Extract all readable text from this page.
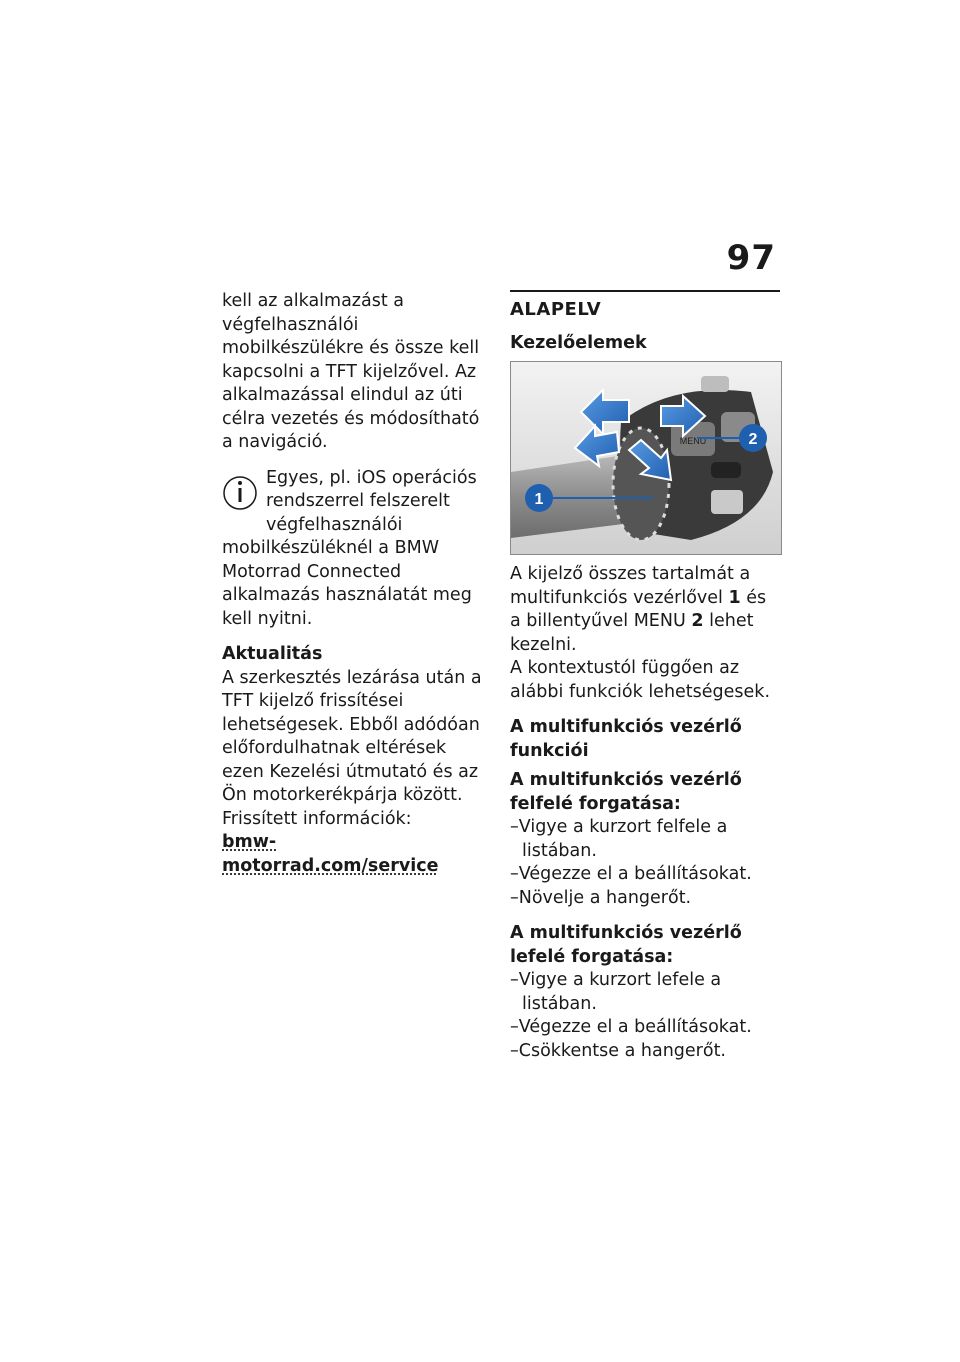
97

kell az alkalmazást a végfelhasználói mobilkészülékre és össze kell kapcsolni a TFT kijelzővel. Az alkalmazással elindul az úti célra vezetés és módosítható a navigáció.

Egyes, pl. iOS operációs rendszerrel felszerelt végfelhasználói mobilkészüléknél a BMW Motorrad Connected alkalmazás használatát meg kell nyitni.

Aktualitás

A szerkesztés lezárása után a TFT kijelző frissítései lehetségesek. Ebből adódóan előfordulhatnak eltérések ezen Kezelési útmutató és az Ön motorkerékpárja között. Frissített információk:

bmw-motorrad.com/service

ALAPELV

Kezelőelemek

MENU
1
2

A kijelző összes tartalmát a multifunkciós vezérlővel 1 és a billentyűvel MENU 2 lehet kezelni.

A kontextustól függően az alábbi funkciók lehetségesek.

A multifunkciós vezérlő funkciói

A multifunkciós vezérlő felfelé forgatása:

– Vigye a kurzort felfele a listában.
– Végezze el a beállításokat.
– Növelje a hangerőt.

A multifunkciós vezérlő lefelé forgatása:

– Vigye a kurzort lefele a listában.
– Végezze el a beállításokat.
– Csökkentse a hangerőt.
